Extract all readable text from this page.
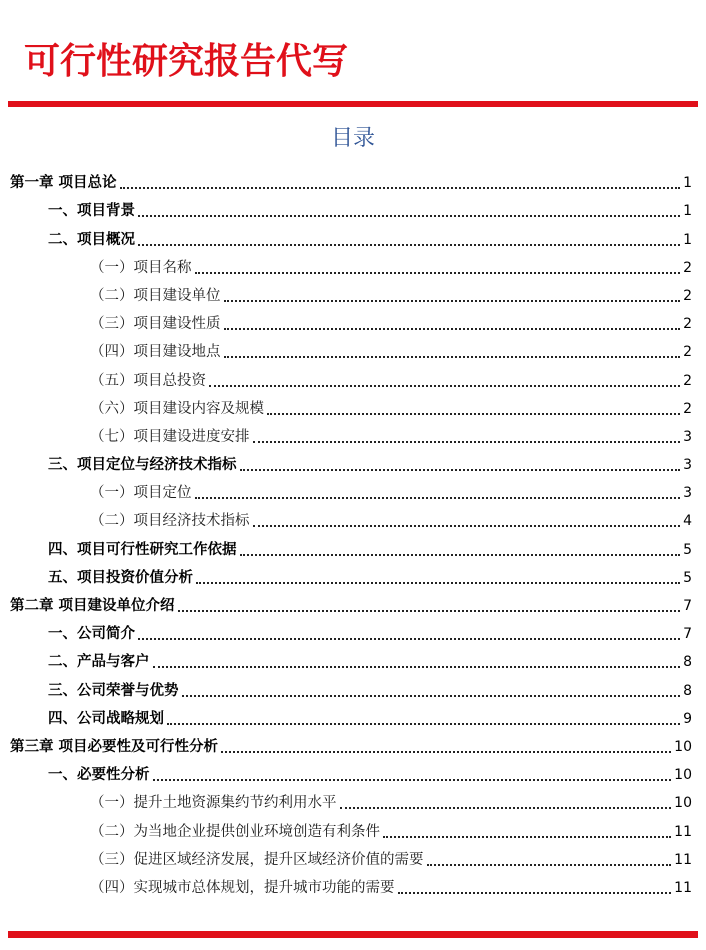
可行性研究报告代写
目录
第一章 项目总论	1
一、项目背景	1
二、项目概况	1
（一）项目名称	2
（二）项目建设单位	2
（三）项目建设性质	2
（四）项目建设地点	2
（五）项目总投资	2
（六）项目建设内容及规模	2
（七）项目建设进度安排	3
三、项目定位与经济技术指标	3
（一）项目定位	3
（二）项目经济技术指标	4
四、项目可行性研究工作依据	5
五、项目投资价值分析	5
第二章 项目建设单位介绍	7
一、公司简介	7
二、产品与客户	8
三、公司荣誉与优势	8
四、公司战略规划	9
第三章 项目必要性及可行性分析	10
一、必要性分析	10
（一）提升土地资源集约节约利用水平	10
（二）为当地企业提供创业环境创造有利条件	11
（三）促进区域经济发展，提升区域经济价值的需要	11
（四）实现城市总体规划，提升城市功能的需要	11
